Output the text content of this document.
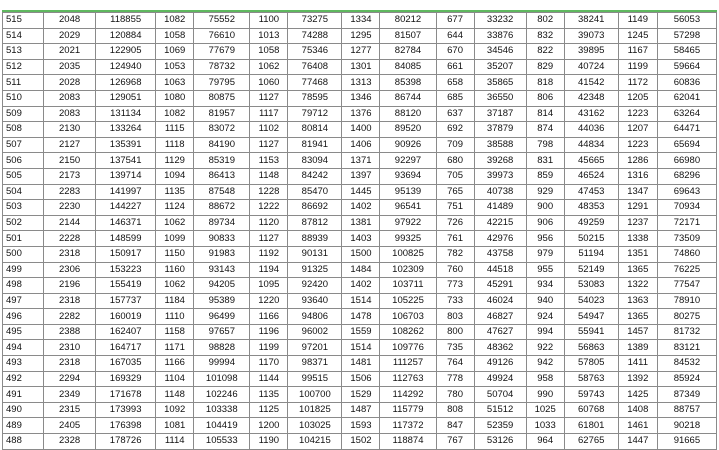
515	2048	118855	1082	75552	1100	73275	1334	80212	677	33232	802	38241	1149	56053
514	2029	120884	1058	76610	1013	74288	1295	81507	644	33876	832	39073	1245	57298
513	2021	122905	1069	77679	1058	75346	1277	82784	670	34546	822	39895	1167	58465
512	2035	124940	1053	78732	1062	76408	1301	84085	661	35207	829	40724	1199	59664
511	2028	126968	1063	79795	1060	77468	1313	85398	658	35865	818	41542	1172	60836
510	2083	129051	1080	80875	1127	78595	1346	86744	685	36550	806	42348	1205	62041
509	2083	131134	1082	81957	1117	79712	1376	88120	637	37187	814	43162	1223	63264
508	2130	133264	1115	83072	1102	80814	1400	89520	692	37879	874	44036	1207	64471
507	2127	135391	1118	84190	1127	81941	1406	90926	709	38588	798	44834	1223	65694
506	2150	137541	1129	85319	1153	83094	1371	92297	680	39268	831	45665	1286	66980
505	2173	139714	1094	86413	1148	84242	1397	93694	705	39973	859	46524	1316	68296
504	2283	141997	1135	87548	1228	85470	1445	95139	765	40738	929	47453	1347	69643
503	2230	144227	1124	88672	1222	86692	1402	96541	751	41489	900	48353	1291	70934
502	2144	146371	1062	89734	1120	87812	1381	97922	726	42215	906	49259	1237	72171
501	2228	148599	1099	90833	1127	88939	1403	99325	761	42976	956	50215	1338	73509
500	2318	150917	1150	91983	1192	90131	1500	100825	782	43758	979	51194	1351	74860
499	2306	153223	1160	93143	1194	91325	1484	102309	760	44518	955	52149	1365	76225
498	2196	155419	1062	94205	1095	92420	1402	103711	773	45291	934	53083	1322	77547
497	2318	157737	1184	95389	1220	93640	1514	105225	733	46024	940	54023	1363	78910
496	2282	160019	1110	96499	1166	94806	1478	106703	803	46827	924	54947	1365	80275
495	2388	162407	1158	97657	1196	96002	1559	108262	800	47627	994	55941	1457	81732
494	2310	164717	1171	98828	1199	97201	1514	109776	735	48362	922	56863	1389	83121
493	2318	167035	1166	99994	1170	98371	1481	111257	764	49126	942	57805	1411	84532
492	2294	169329	1104	101098	1144	99515	1506	112763	778	49924	958	58763	1392	85924
491	2349	171678	1148	102246	1135	100700	1529	114292	780	50704	990	59743	1425	87349
490	2315	173993	1092	103338	1125	101825	1487	115779	808	51512	1025	60768	1408	88757
489	2405	176398	1081	104419	1200	103025	1593	117372	847	52359	1033	61801	1461	90218
488	2328	178726	1114	105533	1190	104215	1502	118874	767	53126	964	62765	1447	91665
